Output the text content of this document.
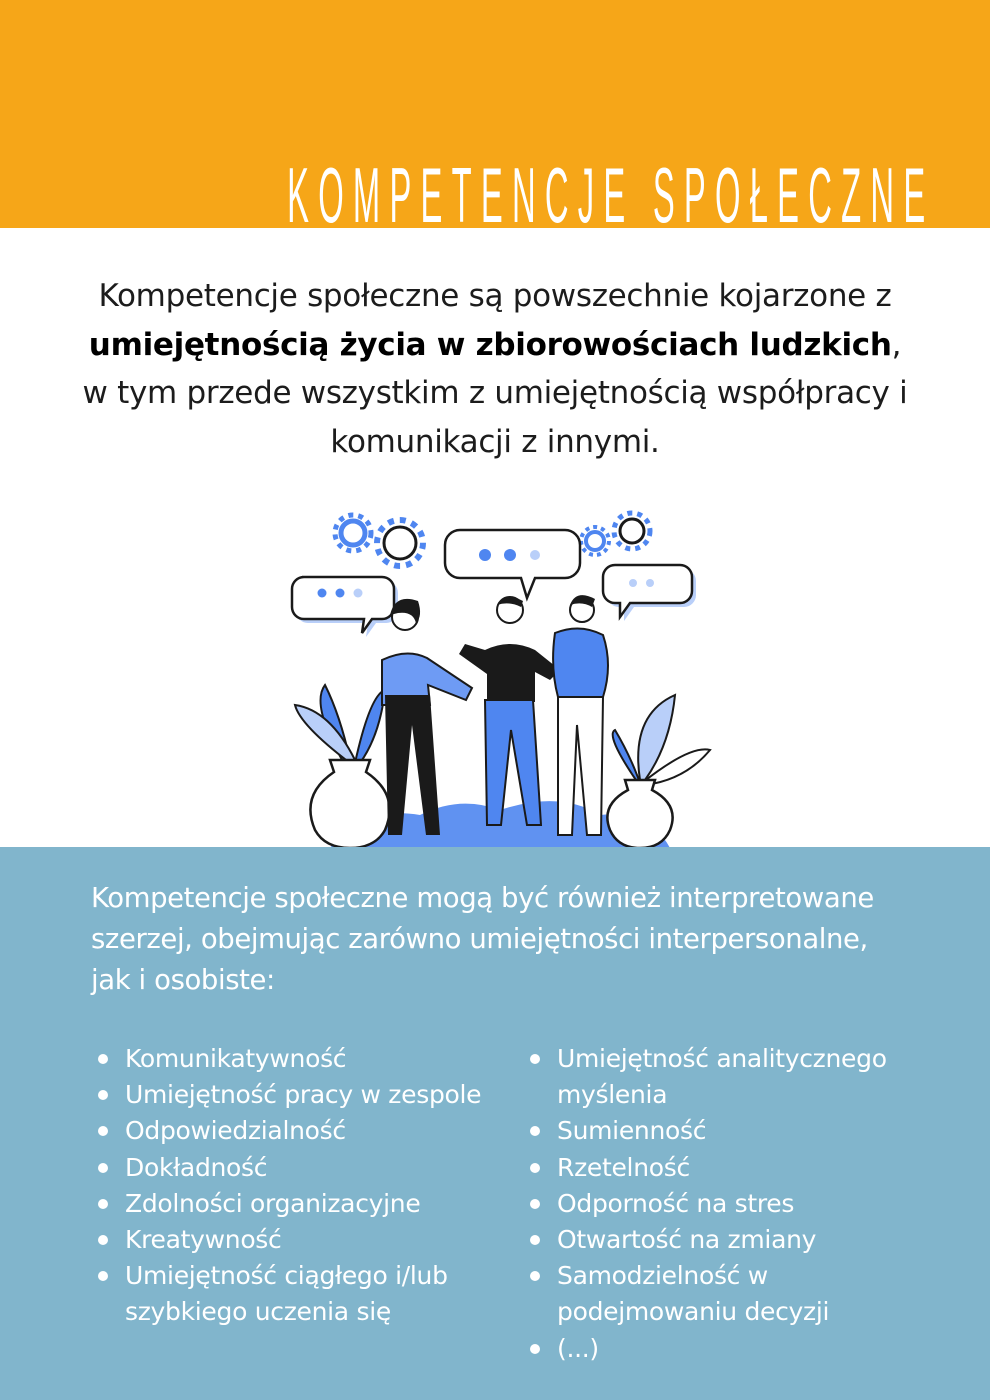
KOMPETENCJE SPOŁECZNE
Kompetencje społeczne są powszechnie kojarzone z umiejętnością życia w zbiorowościach ludzkich, w tym przede wszystkim z umiejętnością współpracy i komunikacji z innymi.
Kompetencje społeczne mogą być również interpretowane szerzej, obejmując zarówno umiejętności interpersonalne, jak i osobiste:
Komunikatywność
Umiejętność pracy w zespole
Odpowiedzialność
Dokładność
Zdolności organizacyjne
Kreatywność
Umiejętność ciągłego i/lub szybkiego uczenia się
Umiejętność analitycznego myślenia
Sumienność
Rzetelność
Odporność na stres
Otwartość na zmiany
Samodzielność w podejmowaniu decyzji
(...)
